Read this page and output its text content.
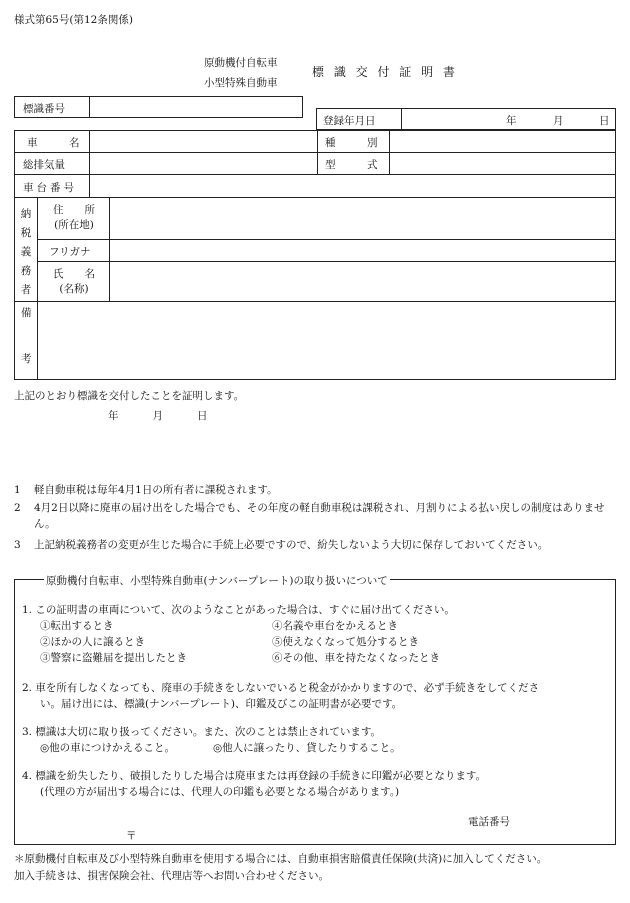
様式第65号(第12条関係)
原動機付自転車
小型特殊自動車
標 識 交 付 証 明 書
標識番号
登録年月日	年	月	日
車　　　名	種　　　別
総排気量	型　　　式
車台番号
納
税
義
務
者
住　　所
(所在地)
フリガナ
氏　　名
(名称)
備
考
上記のとおり標識を交付したことを証明します。
年	月	日
1 軽自動車税は毎年4月1日の所有者に課税されます。
2 4月2日以降に廃車の届け出をした場合でも、その年度の軽自動車税は課税され、月割りによる払い戻しの制度はありません。
3 上記納税義務者の変更が生じた場合に手続上必要ですので、紛失しないよう大切に保存しておいてください。
原動機付自転車、小型特殊自動車(ナンバープレート)の取り扱いについて
1. この証明書の車両について、次のようなことがあった場合は、すぐに届け出てください。
①転出するとき	④名義や車台をかえるとき
②ほかの人に譲るとき	⑤使えなくなって処分するとき
③警察に盗難届を提出したとき	⑥その他、車を持たなくなったとき
2. 車を所有しなくなっても、廃車の手続きをしないでいると税金がかかりますので、必ず手続きをしてくださ
い。届け出には、標識(ナンバープレート)、印鑑及びこの証明書が必要です。
3. 標識は大切に取り扱ってください。また、次のことは禁止されています。
◎他の車につけかえること。	◎他人に譲ったり、貸したりすること。
4. 標識を紛失したり、破損したりした場合は廃車または再登録の手続きに印鑑が必要となります。
(代理の方が届出する場合には、代理人の印鑑も必要となる場合があります。)
電話番号
〒
＊原動機付自転車及び小型特殊自動車を使用する場合には、自動車損害賠償責任保険(共済)に加入してください。
加入手続きは、損害保険会社、代理店等へお問い合わせください。
